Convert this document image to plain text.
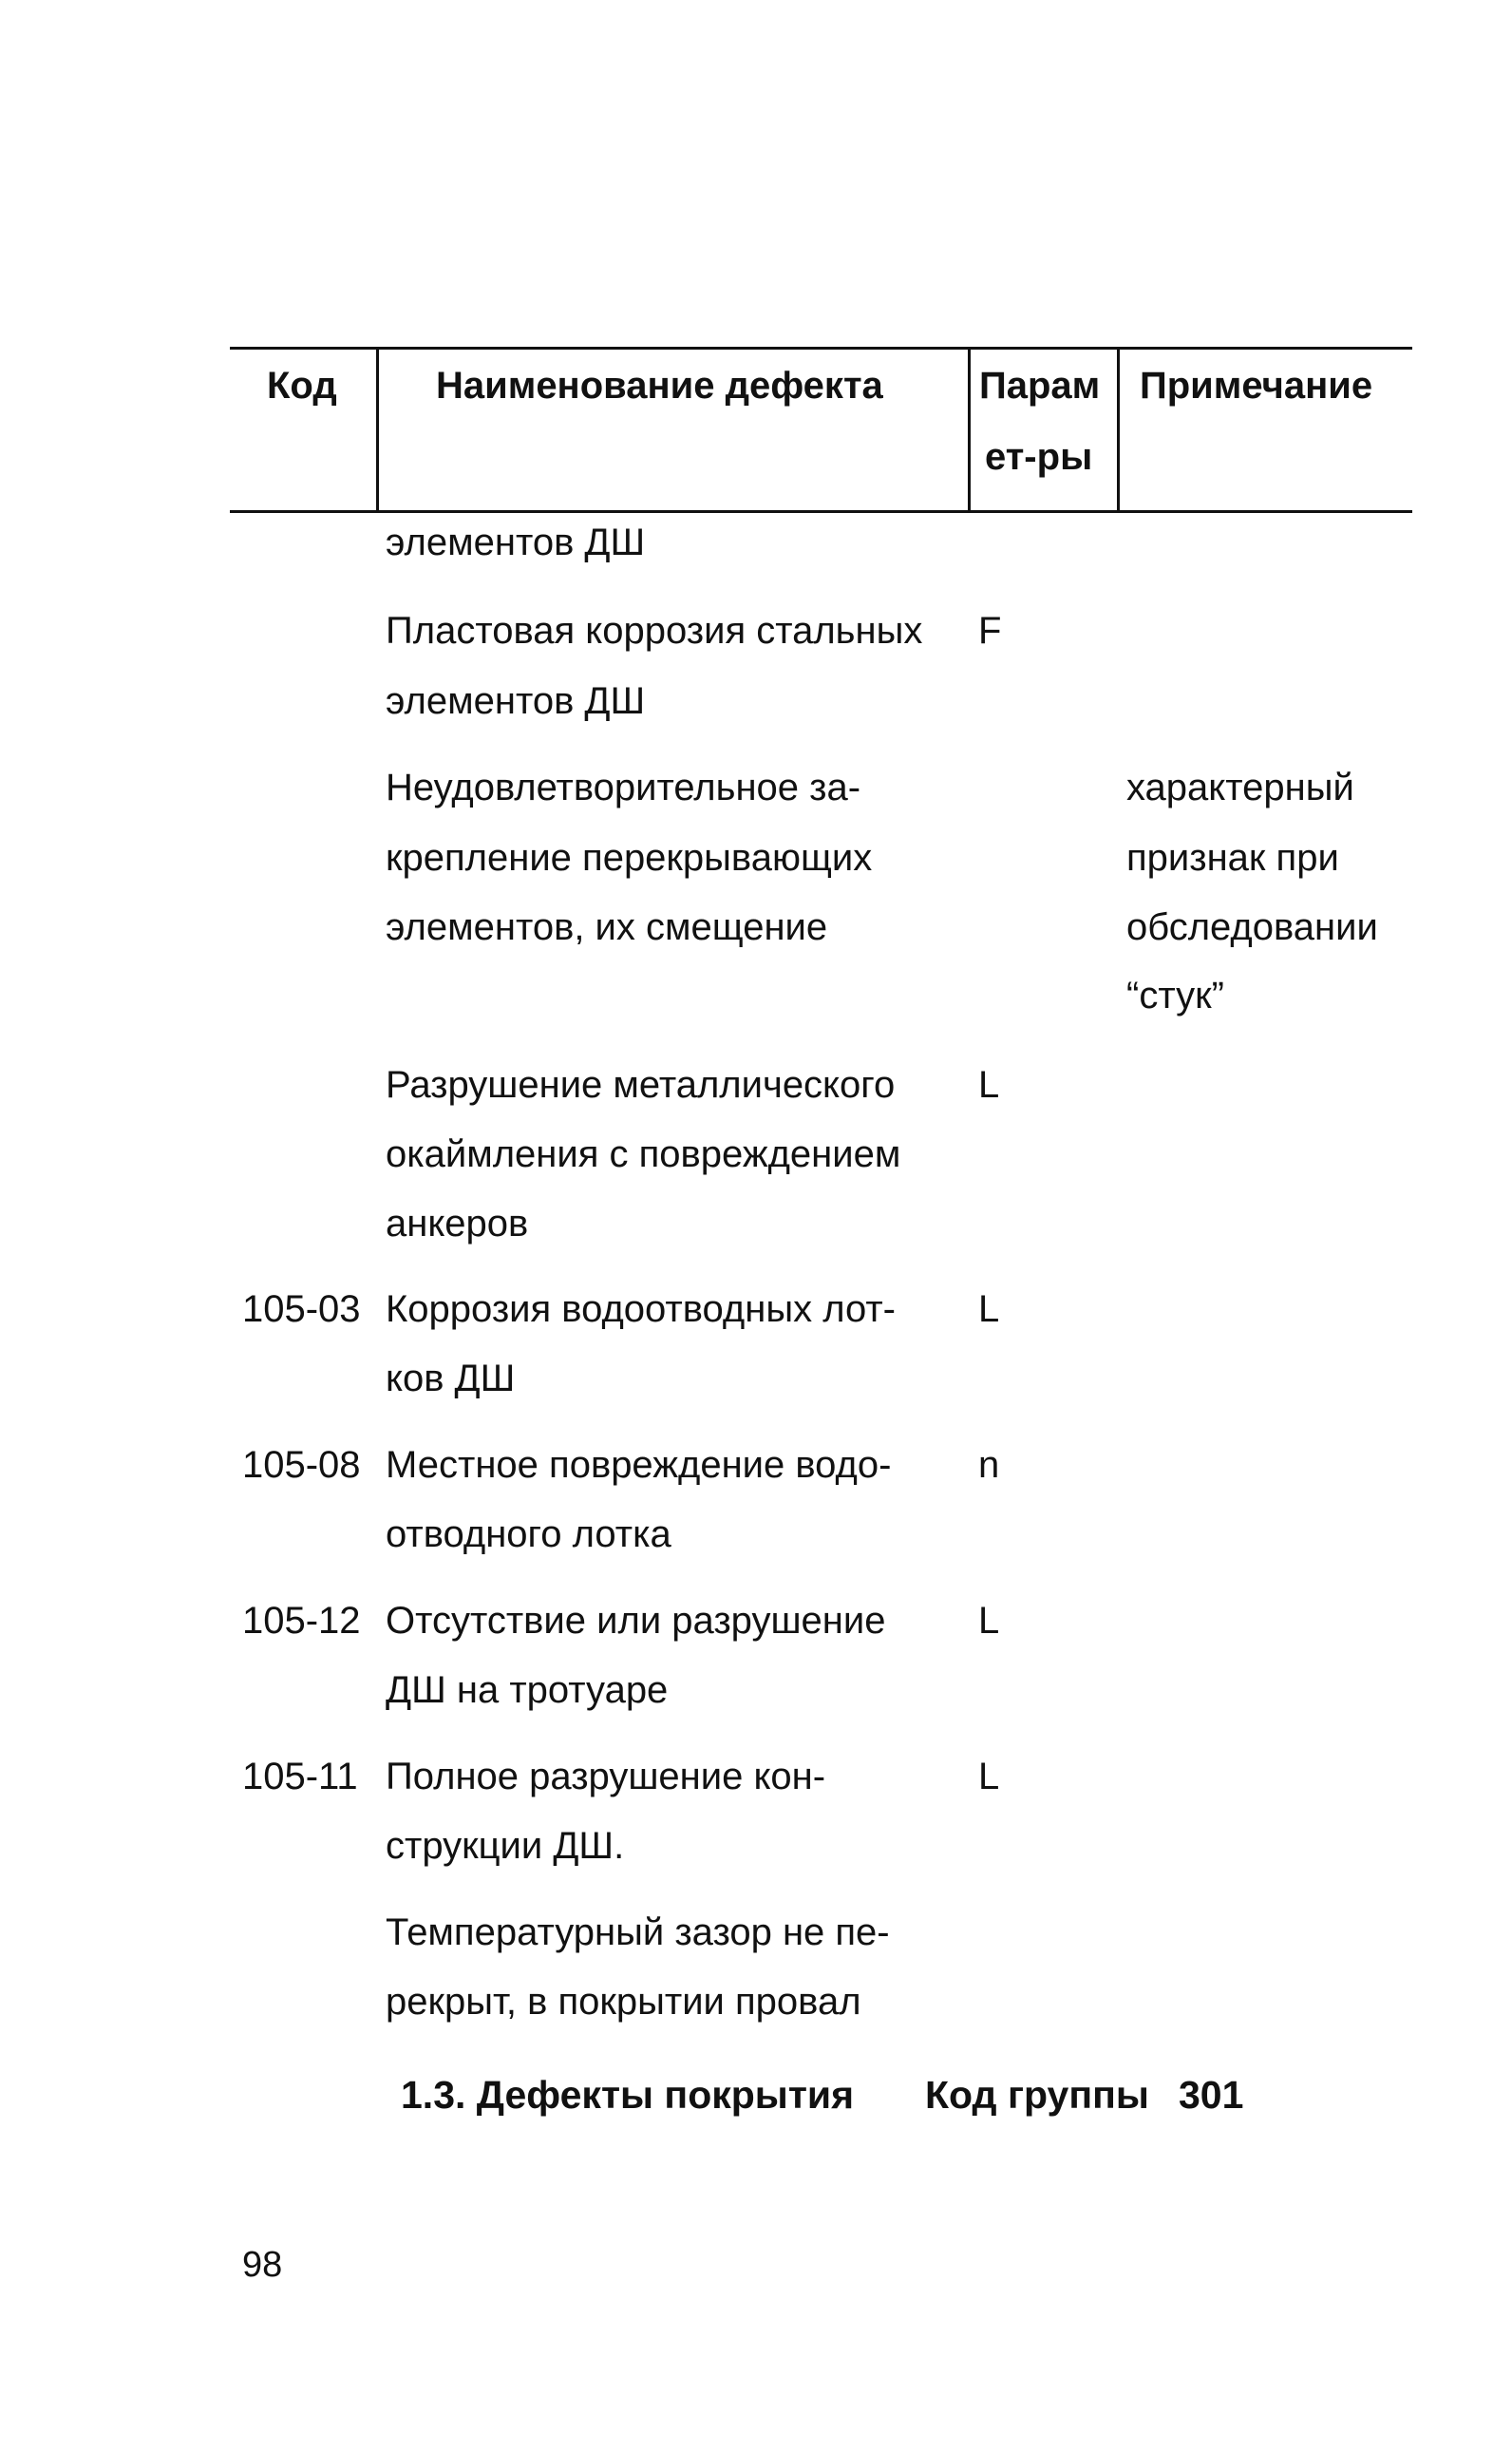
Код	Наименование дефекта	Парам
ет-ры
Примечание
элементов ДШ
Пластовая коррозия стальных
элементов ДШ
F
Неудовлетворительное за-
крепление перекрывающих
элементов, их смещение
характерный
признак при
обследовании
“стук”
Разрушение металлического
окаймления с повреждением
анкеров
L
105-03 Коррозия водоотводных лот-
ков ДШ
L
105-08 Местное повреждение водо-
отводного лотка
n
105-12 Отсутствие или разрушение
ДШ на тротуаре
L
105-11 Полное разрушение кон-
струкции ДШ.
L
Температурный зазор не пе-
рекрыт, в покрытии провал
1.3. Дефекты покрытия Код группы 301
98
